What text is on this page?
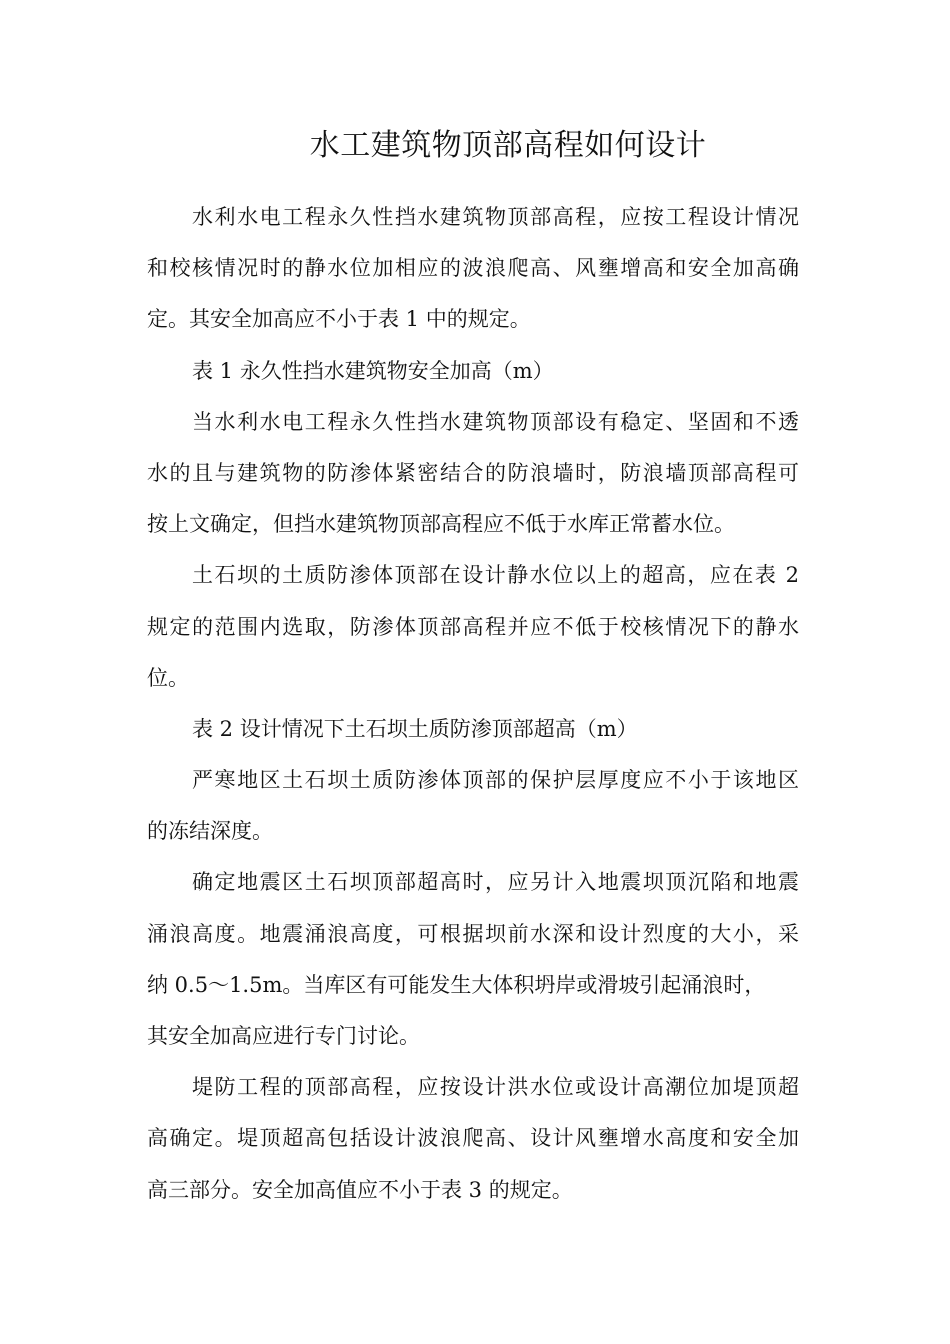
水工建筑物顶部高程如何设计
水利水电工程永久性挡水建筑物顶部高程，应按工程设计情况
和校核情况时的静水位加相应的波浪爬高、风壅增高和安全加高确
定。其安全加高应不小于表 1 中的规定。
表 1 永久性挡水建筑物安全加高（m）
当水利水电工程永久性挡水建筑物顶部设有稳定、坚固和不透
水的且与建筑物的防渗体紧密结合的防浪墙时，防浪墙顶部高程可
按上文确定，但挡水建筑物顶部高程应不低于水库正常蓄水位。
土石坝的土质防渗体顶部在设计静水位以上的超高，应在表 2
规定的范围内选取，防渗体顶部高程并应不低于校核情况下的静水
位。
表 2 设计情况下土石坝土质防渗顶部超高（m）
严寒地区土石坝土质防渗体顶部的保护层厚度应不小于该地区
的冻结深度。
确定地震区土石坝顶部超高时，应另计入地震坝顶沉陷和地震
涌浪高度。地震涌浪高度，可根据坝前水深和设计烈度的大小，采
纳 0.5～1.5m。当库区有可能发生大体积坍岸或滑坡引起涌浪时，
其安全加高应进行专门讨论。
堤防工程的顶部高程，应按设计洪水位或设计高潮位加堤顶超
高确定。堤顶超高包括设计波浪爬高、设计风壅增水高度和安全加
高三部分。安全加高值应不小于表 3 的规定。
